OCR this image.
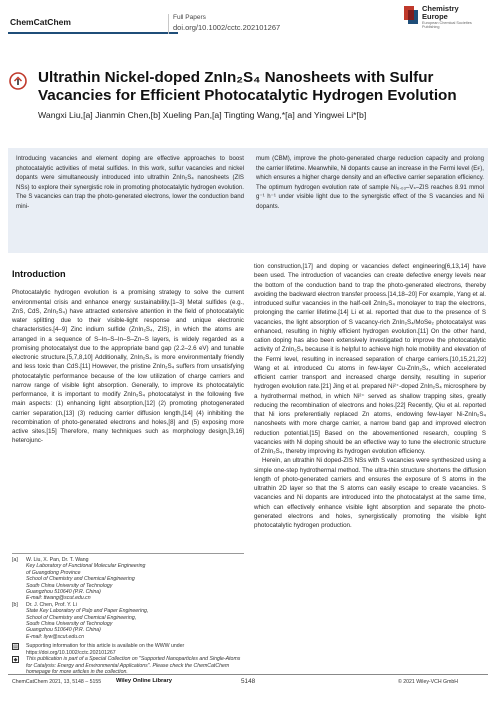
ChemCatChem	Full Papers
doi.org/10.1002/cctc.202101267
Chemistry
Europe
European Chemical Societies Publishing
Ultrathin Nickel-doped ZnIn₂S₄ Nanosheets with Sulfur Vacancies for Efficient Photocatalytic Hydrogen Evolution
Wangxi Liu,[a] Jianmin Chen,[b] Xueling Pan,[a] Tingting Wang,*[a] and Yingwei Li*[b]
Introducing vacancies and element doping are effective approaches to boost photocatalytic activities of metal sulfides. In this work, sulfur vacancies and nickel dopants were simultaneously introduced into ultrathin ZnIn₂S₄ nanosheets (ZIS NSs) to explore their synergistic role in promoting photocatalytic hydrogen evolution. The S vacancies can trap the photo-generated electrons, lower the conduction band mini-
mum (CBM), improve the photo-generated charge reduction capacity and prolong the carrier lifetime. Meanwhile, Ni dopants cause an increase in the Fermi level (Eꜰ), which ensures a higher charge density and an effective carrier separation efficiency. The optimum hydrogen evolution rate of sample Ni₀.₀₃–Vₛ–ZIS reaches 8.91 mmol g⁻¹ h⁻¹ under visible light due to the synergistic effect of the S vacancies and Ni dopants.
Introduction

Photocatalytic hydrogen evolution is a promising strategy to solve the current environmental crisis and enhance energy sustainability.[1–3] Metal sulfides (e.g., ZnS, CdS, ZnIn₂S₄) have attracted extensive attention in the field of photocatalytic water splitting due to their visible-light response and unique electronic characteristics.[4–9] Zinc indium sulfide (ZnIn₂S₄, ZIS), in which the atoms are arranged in a sequence of S–In–S–In–S–Zn–S layers, is widely regarded as a promising photocatalyst due to the appropriate band gap (2.2–2.6 eV) and tunable electronic structure.[5,7,8,10] Additionally, ZnIn₂S₄ is more environmentally friendly and less toxic than CdS.[11] However, the pristine ZnIn₂S₄ suffers from unsatisfying photocatalytic performance because of the low utilization of charge carriers and narrow range of visible light absorption. Generally, to improve its photocatalytic performance, it is important to modify ZnIn₂S₄ photocatalyst in the following five main aspects: (1) enhancing light absorption,[12] (2) promoting photogenerated carrier separation,[13] (3) reducing carrier diffusion length,[14] (4) inhibiting the recombination of photo-generated electrons and holes,[8] and (5) exposing more active sites.[15] Therefore, many techniques such as morphology design,[3,16] heterojunc-

[a]	W. Liu, X. Pan, Dr. T. Wang
Key Laboratory of Functional Molecular Engineering
of Guangdong Province
School of Chemistry and Chemical Engineering
South China University of Technology
Guangzhou 510640 (P.R. China)
E-mail: ttwang@scut.edu.cn
[b]	Dr. J. Chen, Prof. Y. Li
State Key Laboratory of Pulp and Paper Engineering,
School of Chemistry and Chemical Engineering,
South China University of Technology
Guangzhou 510640 (P.R. China)
E-mail: liyw@scut.edu.cn
▤	Supporting information for this article is available on the WWW under https://doi.org/10.1002/cctc.202101267
◆	This publication is part of a Special Collection on "Supported Nanoparticles and Single-Atoms for Catalysis: Energy and Environmental Applications". Please check the ChemCatChem homepage for more articles in the collection.

tion construction,[17] and doping or vacancies defect engineering[6,13,14] have been used. The introduction of vacancies can create defective energy levels near the bottom of the conduction band to trap the photo-generated electrons, thereby avoiding the backward electron transfer process.[14,18–20] For example, Yang et al. introduced sulfur vacancies in the half-cell ZnIn₂S₄ monolayer to trap the electrons, prolonging the carrier lifetime.[14] Li et al. reported that due to the presence of S vacancies, the light absorption of S vacancy-rich ZnIn₂S₄/MoSe₂ photocatalyst was enhanced, resulting in highly efficient hydrogen evolution.[11] On the other hand, cation doping has also been extensively investigated to improve the photocatalytic activity of ZnIn₂S₄ because it is helpful to achieve high hole mobility and elevation of the Fermi level, resulting in increased separation of charge carriers.[10,15,21,22] Wang et al. introduced Cu atoms in few-layer Cu-ZnIn₂S₄, which accelerated efficient carrier transport and increased charge density, resulting in superior hydrogen evolution rate.[21] Jing et al. prepared Ni²⁺-doped ZnIn₂S₄ microsphere by a hydrothermal method, in which Ni²⁺ served as shallow trapping sites, greatly reducing the recombination of electrons and holes.[22] Recently, Qiu et al. reported that Ni ions preferentially replaced Zn atoms, endowing few-layer Ni-ZnIn₂S₄ nanosheets with more charge carrier, a narrow band gap and improved electron reduction potential.[15] Based on the abovementioned research, coupling S vacancies with Ni doping should be an effective way to tune the electronic structure of ZnIn₂S₄, thereby improving its hydrogen evolution efficiency.

Herein, an ultrathin Ni doped-ZIS NSs with S vacancies were synthesized using a simple one-step hydrothermal method. The ultra-thin structure shortens the diffusion length of photo-generated carriers and ensures the exposure of S atoms in the ultrathin 2D layer so that the S atoms can easily escape to create vacancies. S vacancies and Ni dopants are introduced into the photocatalyst at the same time, which can effectively enhance visible light absorption and separate the photo-generated electrons and holes, synergistically promoting the visible light photocatalytic hydrogen production.

ChemCatChem 2021, 13, 5148 – 5155	Wiley Online Library	5148	© 2021 Wiley-VCH GmbH
